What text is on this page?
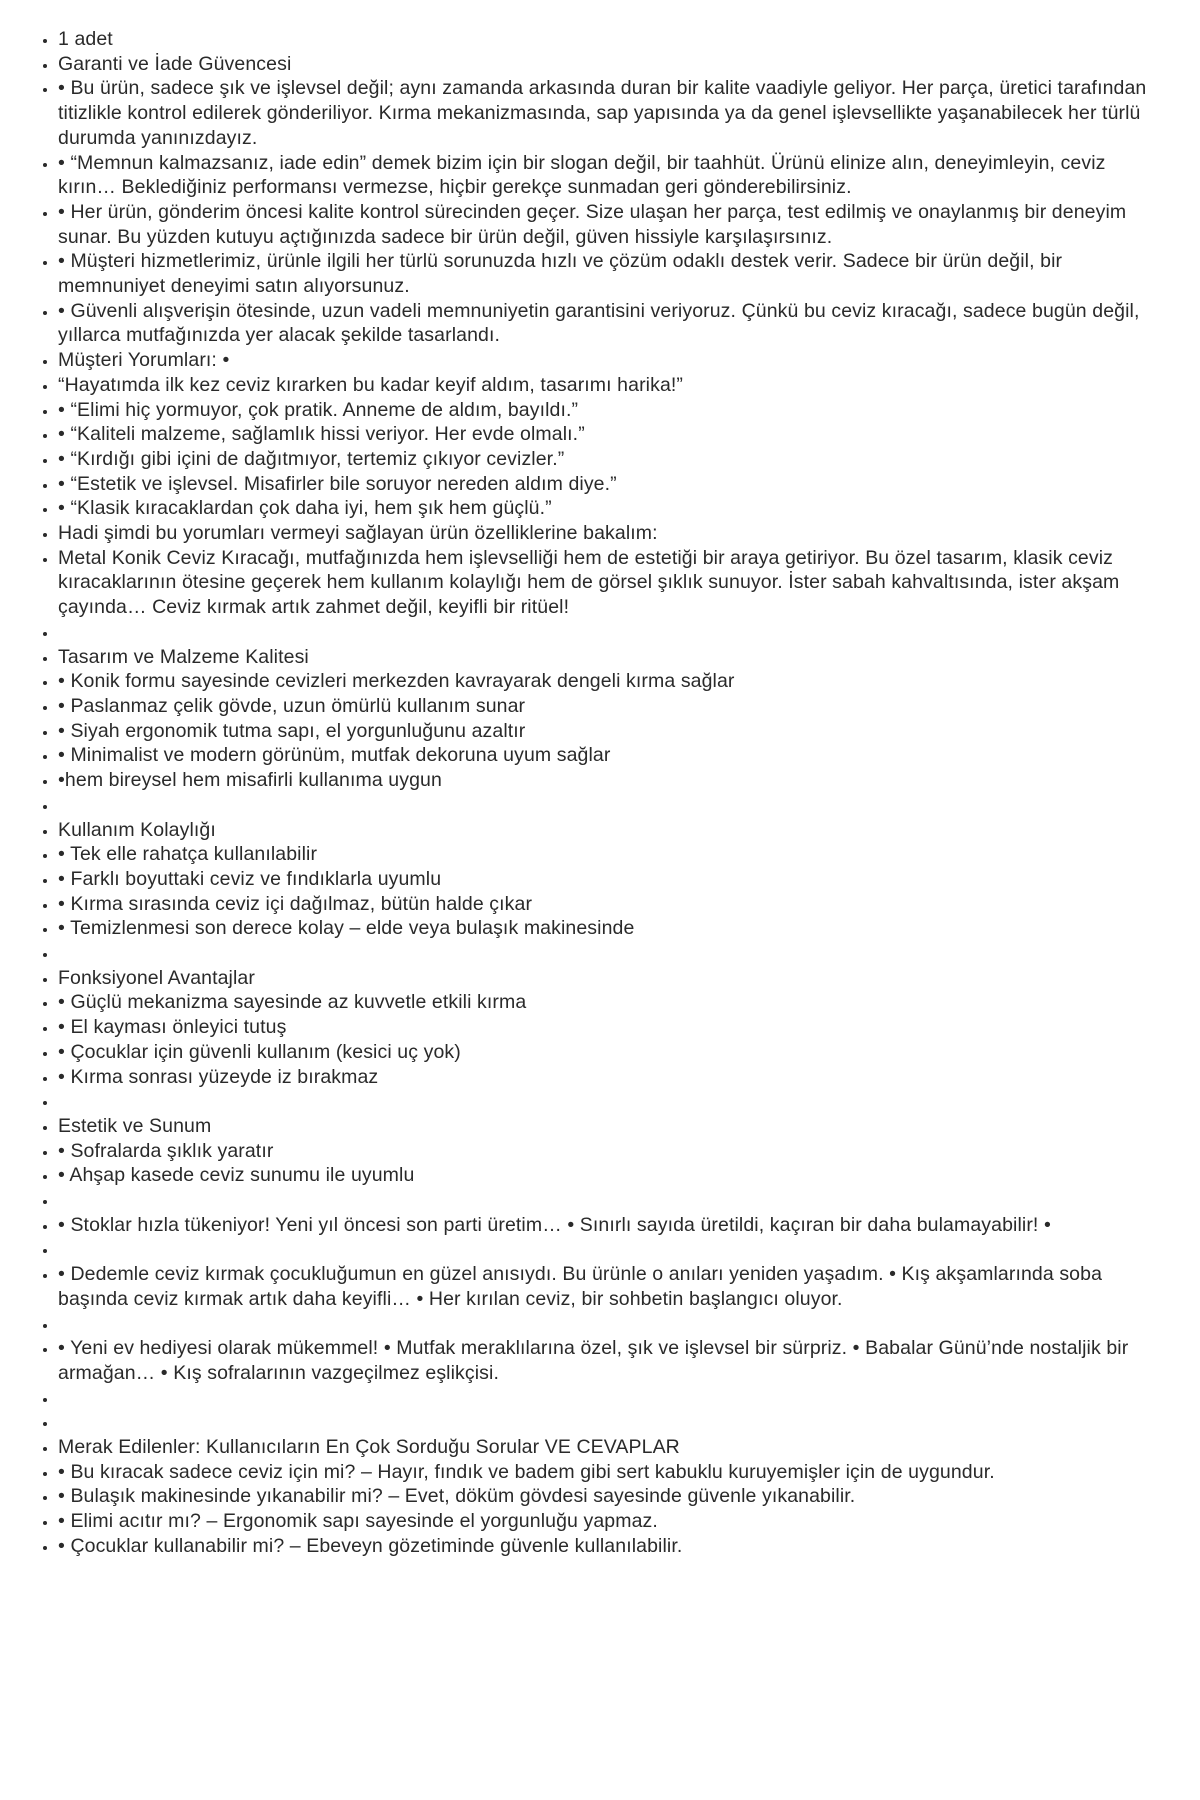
• 1 adet
• Garanti ve İade Güvencesi
• • Bu ürün, sadece şık ve işlevsel değil; aynı zamanda arkasında duran bir kalite vaadiyle geliyor. Her parça, üretici tarafından titizlikle kontrol edilerek gönderiliyor. Kırma mekanizmasında, sap yapısında ya da genel işlevsellikte yaşanabilecek her türlü durumda yanınızdayız.
• • “Memnun kalmazsanız, iade edin” demek bizim için bir slogan değil, bir taahhüt. Ürünü elinize alın, deneyimleyin, ceviz kırın… Beklediğiniz performansı vermezse, hiçbir gerekçe sunmadan geri gönderebilirsiniz.
• • Her ürün, gönderim öncesi kalite kontrol sürecinden geçer. Size ulaşan her parça, test edilmiş ve onaylanmış bir deneyim sunar. Bu yüzden kutuyu açtığınızda sadece bir ürün değil, güven hissiyle karşılaşırsınız.
• • Müşteri hizmetlerimiz, ürünle ilgili her türlü sorunuzda hızlı ve çözüm odaklı destek verir. Sadece bir ürün değil, bir memnuniyet deneyimi satın alıyorsunuz.
• • Güvenli alışverişin ötesinde, uzun vadeli memnuniyetin garantisini veriyoruz. Çünkü bu ceviz kıracağı, sadece bugün değil, yıllarca mutfağınızda yer alacak şekilde tasarlandı.
• Müşteri Yorumları: •
• “Hayatımda ilk kez ceviz kırarken bu kadar keyif aldım, tasarımı harika!”
• • “Elimi hiç yormuyor, çok pratik. Anneme de aldım, bayıldı.”
• • “Kaliteli malzeme, sağlamlık hissi veriyor. Her evde olmalı.”
• • “Kırdığı gibi içini de dağıtmıyor, tertemiz çıkıyor cevizler.”
• • “Estetik ve işlevsel. Misafirler bile soruyor nereden aldım diye.”
• • “Klasik kıracaklardan çok daha iyi, hem şık hem güçlü.”
• Hadi şimdi bu yorumları vermeyi sağlayan ürün özelliklerine bakalım:
• Metal Konik Ceviz Kıracağı, mutfağınızda hem işlevselliği hem de estetiği bir araya getiriyor. Bu özel tasarım, klasik ceviz kıracaklarının ötesine geçerek hem kullanım kolaylığı hem de görsel şıklık sunuyor. İster sabah kahvaltısında, ister akşam çayında… Ceviz kırmak artık zahmet değil, keyifli bir ritüel!
• ​
• Tasarım ve Malzeme Kalitesi
• • Konik formu sayesinde cevizleri merkezden kavrayarak dengeli kırma sağlar
• • Paslanmaz çelik gövde, uzun ömürlü kullanım sunar
• • Siyah ergonomik tutma sapı, el yorgunluğunu azaltır
• • Minimalist ve modern görünüm, mutfak dekoruna uyum sağlar
• •hem bireysel hem misafirli kullanıma uygun
• ​
• Kullanım Kolaylığı
• • Tek elle rahatça kullanılabilir
• • Farklı boyuttaki ceviz ve fındıklarla uyumlu
• • Kırma sırasında ceviz içi dağılmaz, bütün halde çıkar
• • Temizlenmesi son derece kolay – elde veya bulaşık makinesinde
• ​
• Fonksiyonel Avantajlar
• • Güçlü mekanizma sayesinde az kuvvetle etkili kırma
• • El kayması önleyici tutuş
• • Çocuklar için güvenli kullanım (kesici uç yok)
• • Kırma sonrası yüzeyde iz bırakmaz
• ​
• Estetik ve Sunum
• • Sofralarda şıklık yaratır
• • Ahşap kasede ceviz sunumu ile uyumlu
• ​
• • Stoklar hızla tükeniyor! Yeni yıl öncesi son parti üretim… • Sınırlı sayıda üretildi, kaçıran bir daha bulamayabilir! •
• ​
• • Dedemle ceviz kırmak çocukluğumun en güzel anısıydı. Bu ürünle o anıları yeniden yaşadım. • Kış akşamlarında soba başında ceviz kırmak artık daha keyifli… • Her kırılan ceviz, bir sohbetin başlangıcı oluyor.
• ​
• • Yeni ev hediyesi olarak mükemmel! • Mutfak meraklılarına özel, şık ve işlevsel bir sürpriz. • Babalar Günü’nde nostaljik bir armağan… • Kış sofralarının vazgeçilmez eşlikçisi.
• ​
• ​
• Merak Edilenler: Kullanıcıların En Çok Sorduğu Sorular VE CEVAPLAR
• • Bu kıracak sadece ceviz için mi? – Hayır, fındık ve badem gibi sert kabuklu kuruyemişler için de uygundur.
• • Bulaşık makinesinde yıkanabilir mi? – Evet, döküm gövdesi sayesinde güvenle yıkanabilir.
• • Elimi acıtır mı? – Ergonomik sapı sayesinde el yorgunluğu yapmaz.
• • Çocuklar kullanabilir mi? – Ebeveyn gözetiminde güvenle kullanılabilir.
